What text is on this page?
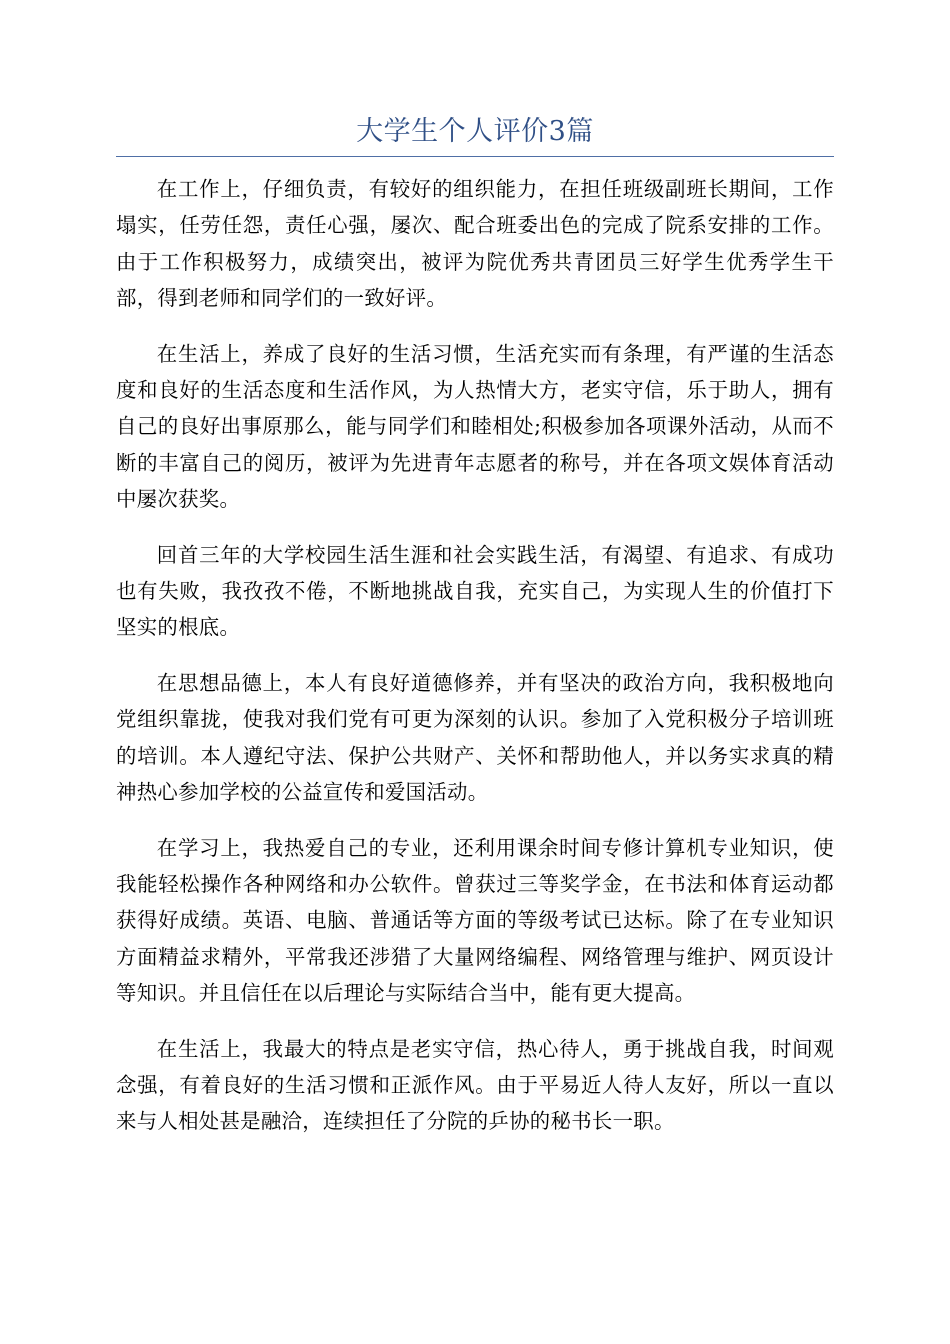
大学生个人评价3篇

在工作上，仔细负责，有较好的组织能力，在担任班级副班长期间，工作塌实，任劳任怨，责任心强，屡次、配合班委出色的完成了院系安排的工作。由于工作积极努力，成绩突出，被评为院优秀共青团员三好学生优秀学生干部，得到老师和同学们的一致好评。

在生活上，养成了良好的生活习惯，生活充实而有条理，有严谨的生活态度和良好的生活态度和生活作风，为人热情大方，老实守信，乐于助人，拥有自己的良好出事原那么，能与同学们和睦相处;积极参加各项课外活动，从而不断的丰富自己的阅历，被评为先进青年志愿者的称号，并在各项文娱体育活动中屡次获奖。

回首三年的大学校园生活生涯和社会实践生活，有渴望、有追求、有成功也有失败，我孜孜不倦，不断地挑战自我，充实自己，为实现人生的价值打下坚实的根底。

在思想品德上，本人有良好道德修养，并有坚决的政治方向，我积极地向党组织靠拢，使我对我们党有可更为深刻的认识。参加了入党积极分子培训班的培训。本人遵纪守法、保护公共财产、关怀和帮助他人，并以务实求真的精神热心参加学校的公益宣传和爱国活动。

在学习上，我热爱自己的专业，还利用课余时间专修计算机专业知识，使我能轻松操作各种网络和办公软件。曾获过三等奖学金，在书法和体育运动都获得好成绩。英语、电脑、普通话等方面的等级考试已达标。除了在专业知识方面精益求精外，平常我还涉猎了大量网络编程、网络管理与维护、网页设计等知识。并且信任在以后理论与实际结合当中，能有更大提高。

在生活上，我最大的特点是老实守信，热心待人，勇于挑战自我，时间观念强，有着良好的生活习惯和正派作风。由于平易近人待人友好，所以一直以来与人相处甚是融洽，连续担任了分院的乒协的秘书长一职。
